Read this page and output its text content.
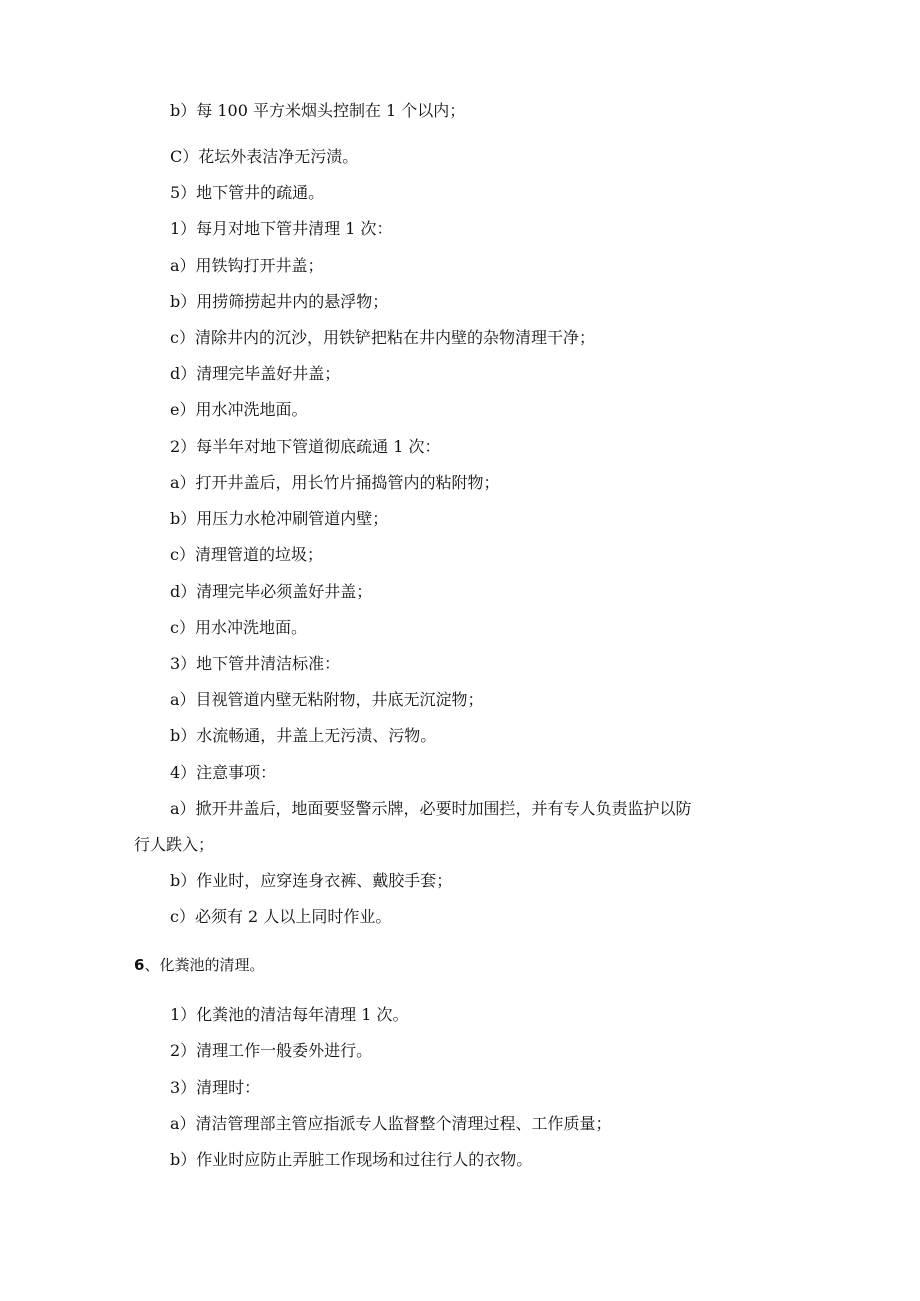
b）每 100 平方米烟头控制在 1 个以内；
C）花坛外表洁净无污渍。
5）地下管井的疏通。
1）每月对地下管井清理 1 次：
a）用铁钩打开井盖；
b）用捞筛捞起井内的悬浮物；
c）清除井内的沉沙，用铁铲把粘在井内壁的杂物清理干净；
d）清理完毕盖好井盖；
e）用水冲洗地面。
2）每半年对地下管道彻底疏通 1 次：
a）打开井盖后，用长竹片捅捣管内的粘附物；
b）用压力水枪冲刷管道内壁；
c）清理管道的垃圾；
d）清理完毕必须盖好井盖；
c）用水冲洗地面。
3）地下管井清洁标准：
a）目视管道内壁无粘附物，井底无沉淀物；
b）水流畅通，井盖上无污渍、污物。
4）注意事项：
a）掀开井盖后，地面要竖警示牌，必要时加围拦，并有专人负责监护以防
行人跌入；
b）作业时，应穿连身衣裤、戴胶手套；
c）必须有 2 人以上同时作业。
6、化粪池的清理。
1）化粪池的清洁每年清理 1 次。
2）清理工作一般委外进行。
3）清理时：
a）清洁管理部主管应指派专人监督整个清理过程、工作质量；
b）作业时应防止弄脏工作现场和过往行人的衣物。
